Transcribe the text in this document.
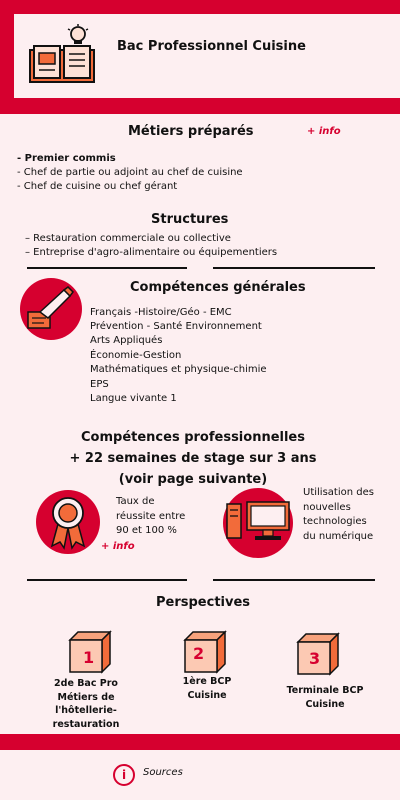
Bac Professionnel Cuisine
Métiers préparés	+ info
- Premier commis
- Chef de partie ou adjoint au chef de cuisine
- Chef de cuisine ou chef gérant
Structures
– Restauration commerciale ou collective
– Entreprise d'agro-alimentaire ou équipementiers
Compétences générales
Français -Histoire/Géo - EMC
Prévention - Santé Environnement
Arts Appliqués
Économie-Gestion
Mathématiques et physique-chimie
EPS
Langue vivante 1
Compétences professionnelles
+ 22 semaines de stage sur 3 ans
(voir page suivante)
Taux de
réussite entre
90 et 100 %
+ info
Utilisation des
nouvelles
technologies
du numérique
Perspectives
1
2de Bac Pro
Métiers de
l'hôtellerie-
restauration
2
1ère BCP
Cuisine
3
Terminale BCP
Cuisine
i	Sources
